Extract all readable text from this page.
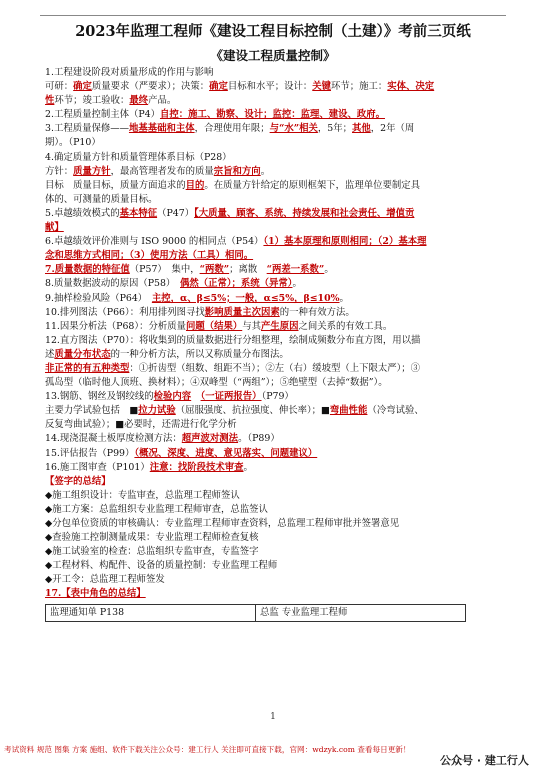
2023年监理工程师《建设工程目标控制（土建）》考前三页纸
《建设工程质量控制》

1.工程建设阶段对质量形成的作用与影响

可研：确定质量要求（严要求）；决策：确定目标和水平；设计：关键环节；施工：实体、决定

性环节；竣工验收：最终产品。

2.工程质量控制主体（P4）自控：施工、勘察、设计；监控：监理、建设、政府。

3.工程质量保修——地基基础和主体，合理使用年限；与“水”相关，5年；其他，2年（周

期）。（P10）

4.确定质量方针和质量管理体系目标（P28）

方针：质量方针，最高管理者发布的质量宗旨和方向。

目标　质量目标，质量方面追求的目的。在质量方针给定的原则框架下，监理单位要制定具

体的、可测量的质量目标。

5.卓越绩效模式的基本特征（P47）【大质量、顾客、系统、持续发展和社会责任、增值贡

献】

6.卓越绩效评价准则与 ISO 9000 的相同点（P54）（1）基本原理和原则相同；（2）基本理

念和思维方式相同；（3）使用方法（工具）相同。

7.质量数据的特征值（P57）　集中，“两数”；离散　“两差一系数”。

8.质量数据波动的原因（P58）　偶然（正常）；系统（异常）。

9.抽样检验风险（P64）　主控，α、β≤5%；一般，α≤5%，β≤10%。

10.排列图法（P66）：利用排列图寻找影响质量主次因素的一种有效方法。

11.因果分析法（P68）：分析质量问题（结果）与其产生原因之间关系的有效工具。

12.直方图法（P70）：将收集到的质量数据进行分组整理，绘制成频数分布直方图，用以描

述质量分布状态的一种分析方法，所以又称质量分布图法。

非正常的有五种类型：①折齿型（组数、组距不当）；②左（右）缓坡型（上下限太严）；③

孤岛型（临时他人顶班、换材料）；④双峰型（“两组”）；⑤绝壁型（去掉“数据”）。

13.钢筋、钢丝及钢绞线的检验内容　 （一证两报告）（P79）

主要力学试验包括　■拉力试验（屈服强度、抗拉强度、伸长率）；■弯曲性能（冷弯试验、

反复弯曲试验）；■必要时，还需进行化学分析

14.现浇混凝土板厚度检测方法：超声波对测法。（P89）

15.评估报告（P99）（概况、深度、进度、意见落实、问题建议）

16.施工图审查（P101）注意：找阶段技术审查。

【签字的总结】

◆施工组织设计：专监审查，总监理工程师签认

◆施工方案：总监组织专业监理工程师审查，总监签认

◆分包单位资质的审核确认：专业监理工程师审查资料，总监理工程师审批并签署意见

◆查验施工控制测量成果：专业监理工程师检查复核

◆施工试验室的检查：总监组织专监审查，专监签字

◆工程材料、构配件、设备的质量控制：专业监理工程师

◆开工令：总监理工程师签发

17.【表中角色的总结】

监理通知单 P138	总监 专业监理工程师
1
考试资料 规范 图集 方案 施组、软件下载关注公众号：建工行人 关注即可直接下载，官网：wdzyk.com 查看每日更新！
公众号 · 建工行人
